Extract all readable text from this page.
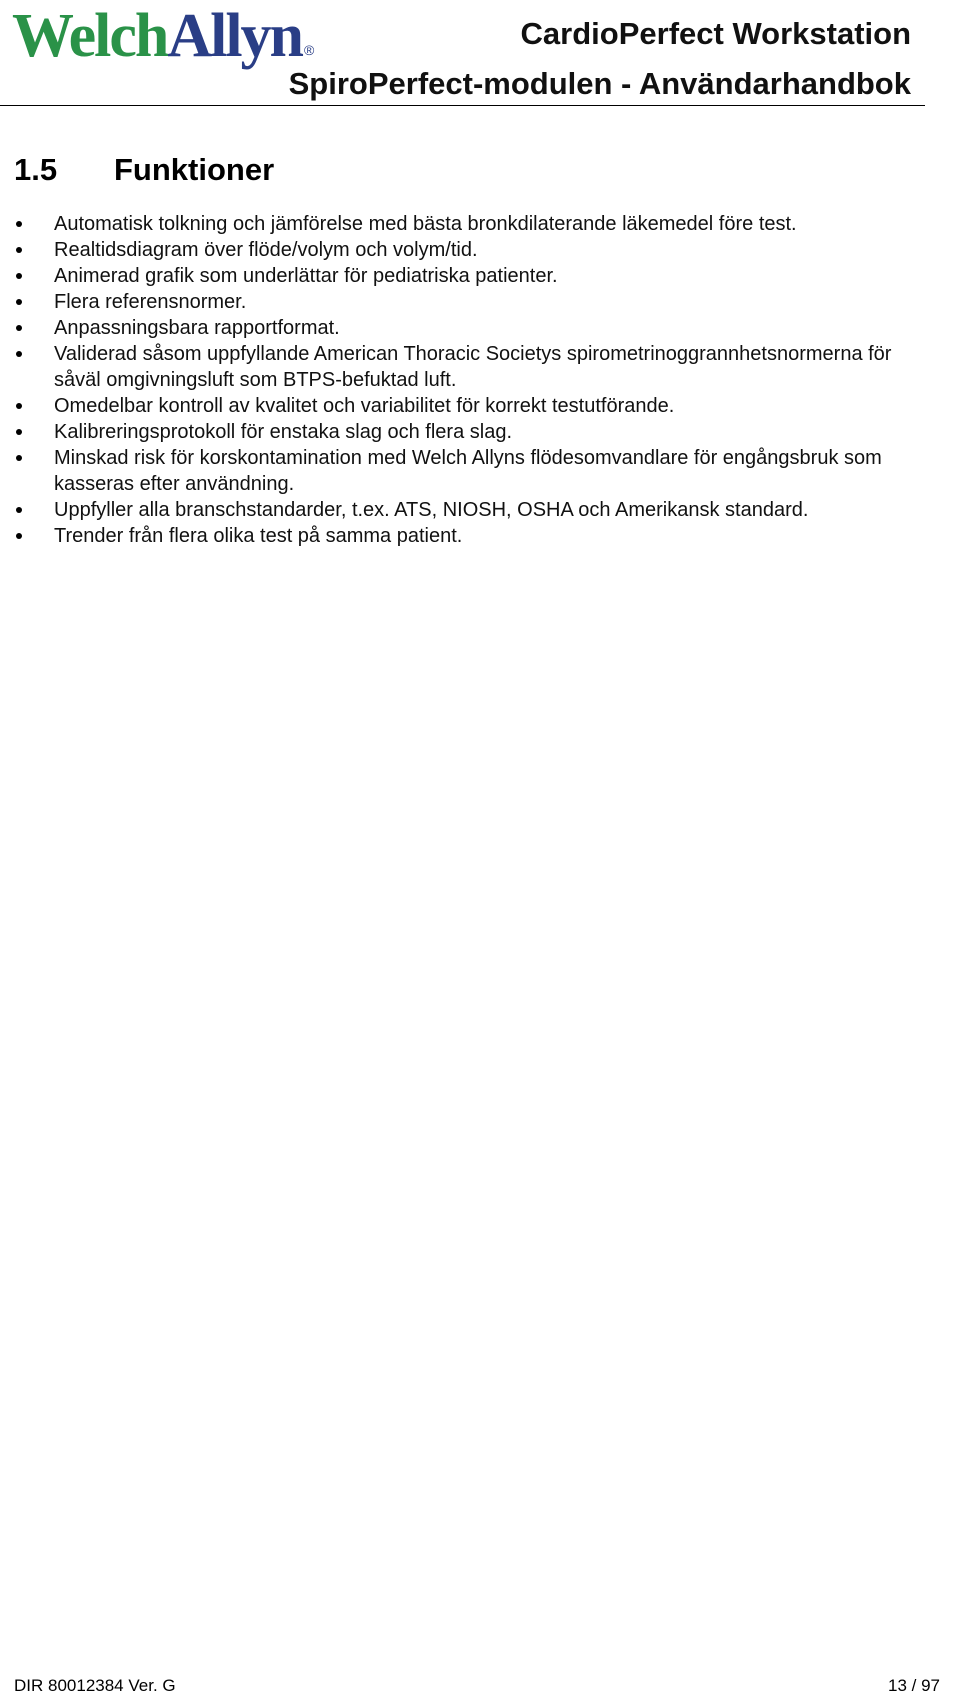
WelchAllyn ®	CardioPerfect Workstation
SpiroPerfect-modulen - Användarhandbok
1.5 Funktioner
Automatisk tolkning och jämförelse med bästa bronkdilaterande läkemedel före test.
Realtidsdiagram över flöde/volym och volym/tid.
Animerad grafik som underlättar för pediatriska patienter.
Flera referensnormer.
Anpassningsbara rapportformat.
Validerad såsom uppfyllande American Thoracic Societys spirometrinoggrannhetsnormerna för såväl omgivningsluft som BTPS-befuktad luft.
Omedelbar kontroll av kvalitet och variabilitet för korrekt testutförande.
Kalibreringsprotokoll för enstaka slag och flera slag.
Minskad risk för korskontamination med Welch Allyns flödesomvandlare för engångsbruk som kasseras efter användning.
Uppfyller alla branschstandarder, t.ex. ATS, NIOSH, OSHA och Amerikansk standard.
Trender från flera olika test på samma patient.
DIR 80012384 Ver. G	13 / 97
